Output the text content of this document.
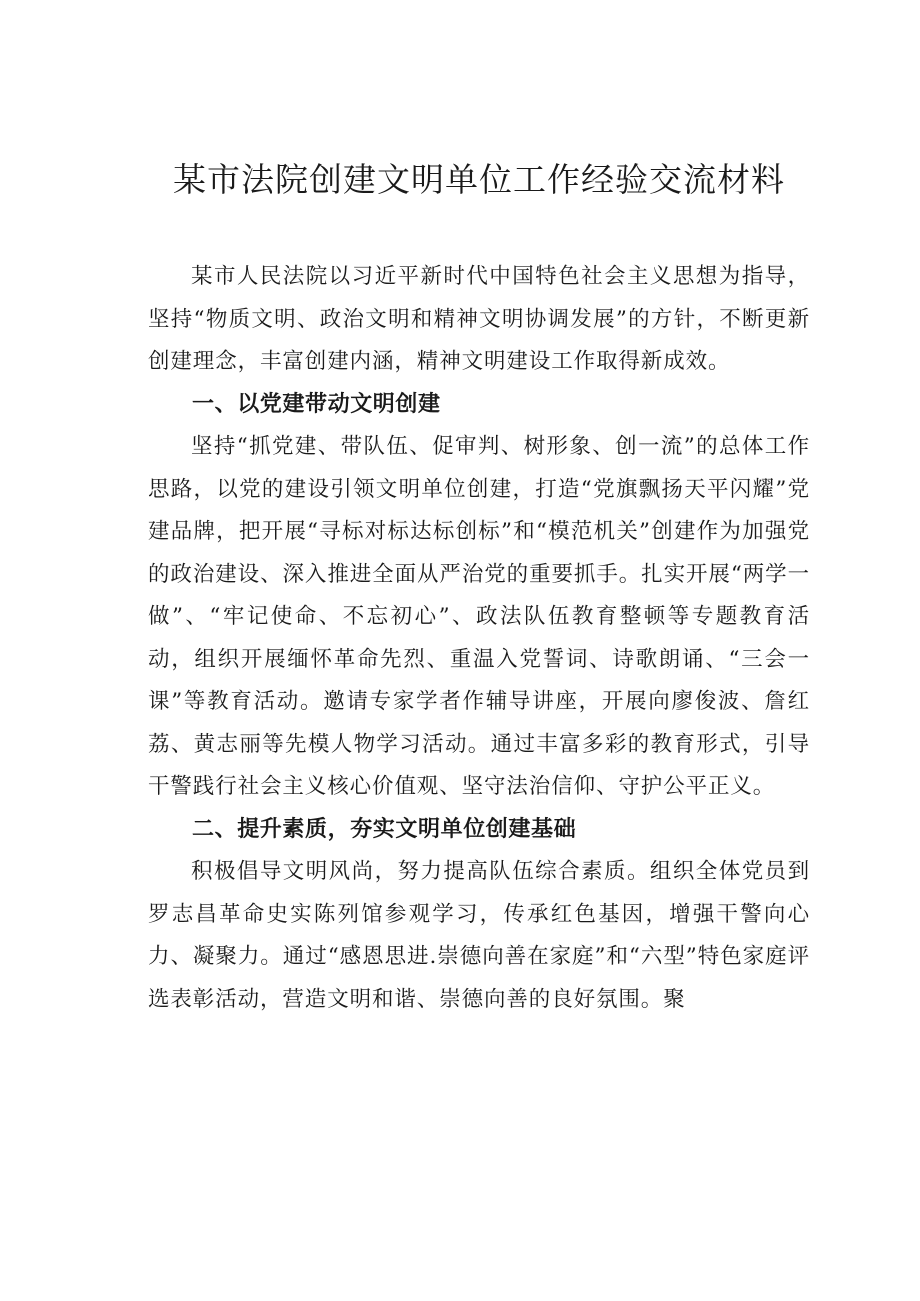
某市法院创建文明单位工作经验交流材料

某市人民法院以习近平新时代中国特色社会主义思想为指导，坚持“物质文明、政治文明和精神文明协调发展”的方针，不断更新创建理念，丰富创建内涵，精神文明建设工作取得新成效。

一、以党建带动文明创建

坚持“抓党建、带队伍、促审判、树形象、创一流”的总体工作思路，以党的建设引领文明单位创建，打造“党旗飘扬天平闪耀”党建品牌，把开展“寻标对标达标创标”和“模范机关”创建作为加强党的政治建设、深入推进全面从严治党的重要抓手。扎实开展“两学一做”、“牢记使命、不忘初心”、政法队伍教育整顿等专题教育活动，组织开展缅怀革命先烈、重温入党誓词、诗歌朗诵、“三会一课”等教育活动。邀请专家学者作辅导讲座，开展向廖俊波、詹红荔、黄志丽等先模人物学习活动。通过丰富多彩的教育形式，引导干警践行社会主义核心价值观、坚守法治信仰、守护公平正义。

二、提升素质，夯实文明单位创建基础

积极倡导文明风尚，努力提高队伍综合素质。组织全体党员到罗志昌革命史实陈列馆参观学习，传承红色基因，增强干警向心力、凝聚力。通过“感恩思进.崇德向善在家庭”和“六型”特色家庭评选表彰活动，营造文明和谐、崇德向善的良好氛围。聚
